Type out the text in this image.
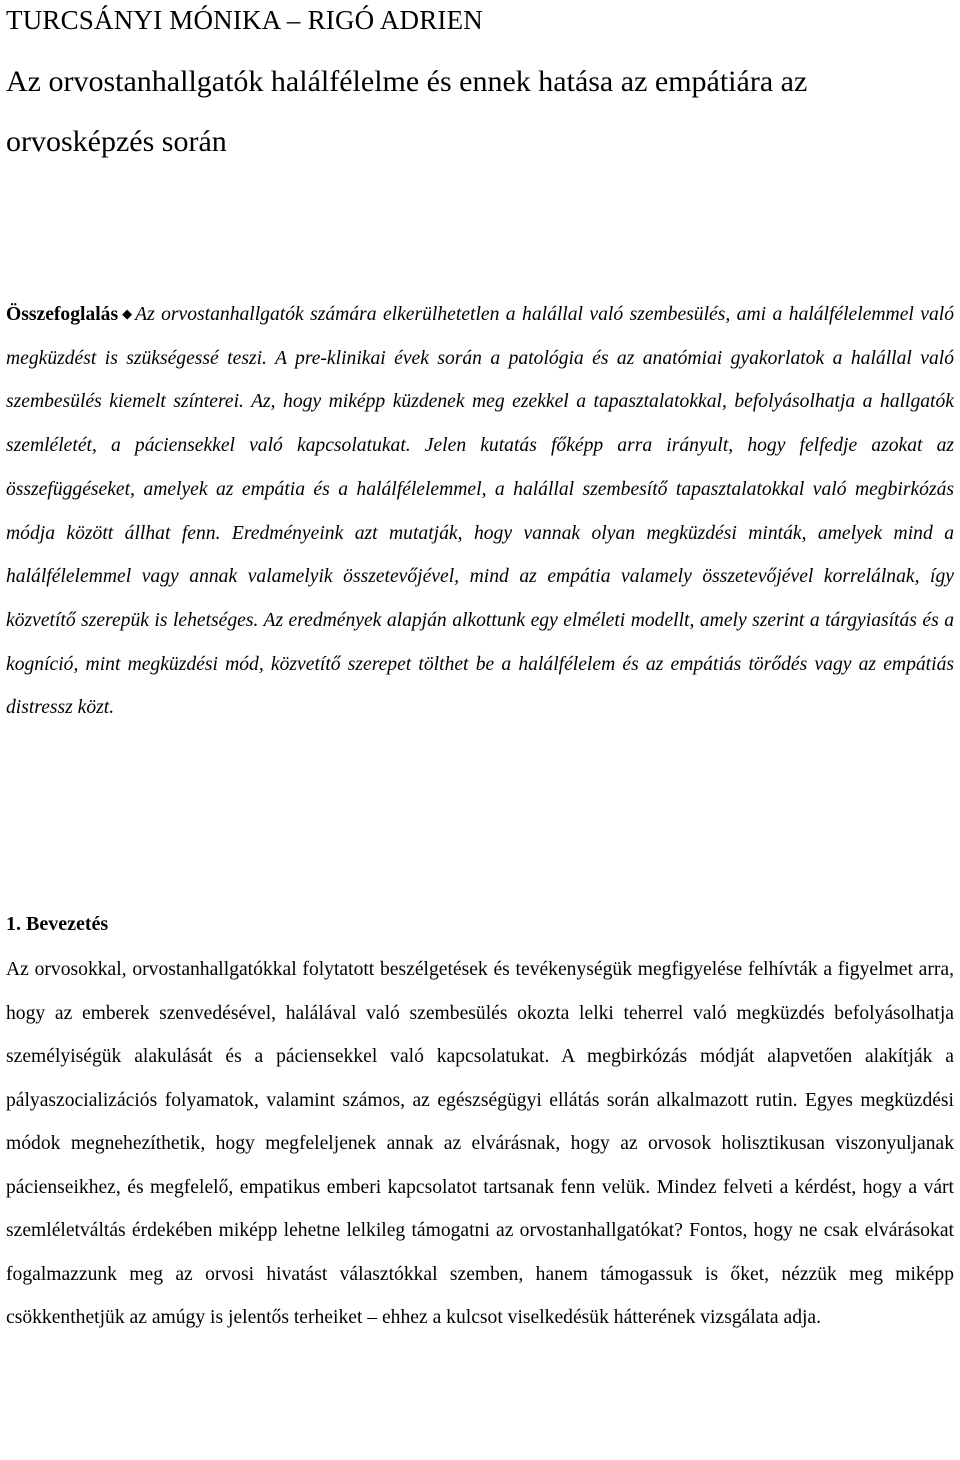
TURCSÁNYI MÓNIKA – RIGÓ ADRIEN
Az orvostanhallgatók halálfélelme és ennek hatása az empátiára az orvosképzés során
Összefoglalás ◆ Az orvostanhallgatók számára elkerülhetetlen a halállal való szembesülés, ami a halálfélelemmel való megküzdést is szükségessé teszi. A pre-klinikai évek során a patológia és az anatómiai gyakorlatok a halállal való szembesülés kiemelt színterei. Az, hogy miképp küzdenek meg ezekkel a tapasztalatokkal, befolyásolhatja a hallgatók szemléletét, a páciensekkel való kapcsolatukat. Jelen kutatás főképp arra irányult, hogy felfedje azokat az összefüggéseket, amelyek az empátia és a halálfélelemmel, a halállal szembesítő tapasztalatokkal való megbirkózás módja között állhat fenn. Eredményeink azt mutatják, hogy vannak olyan megküzdési minták, amelyek mind a halálfélelemmel vagy annak valamelyik összetevőjével, mind az empátia valamely összetevőjével korrelálnak, így közvetítő szerepük is lehetséges. Az eredmények alapján alkottunk egy elméleti modellt, amely szerint a tárgyiasítás és a kogníció, mint megküzdési mód, közvetítő szerepet tölthet be a halálfélelem és az empátiás törődés vagy az empátiás distressz közt.
1. Bevezetés
Az orvosokkal, orvostanhallgatókkal folytatott beszélgetések és tevékenységük megfigyelése felhívták a figyelmet arra, hogy az emberek szenvedésével, halálával való szembesülés okozta lelki teherrel való megküzdés befolyásolhatja személyiségük alakulását és a páciensekkel való kapcsolatukat. A megbirkózás módját alapvetően alakítják a pályaszocializációs folyamatok, valamint számos, az egészségügyi ellátás során alkalmazott rutin. Egyes megküzdési módok megnehezíthetik, hogy megfeleljenek annak az elvárásnak, hogy az orvosok holisztikusan viszonyuljanak pácienseikhez, és megfelelő, empatikus emberi kapcsolatot tartsanak fenn velük. Mindez felveti a kérdést, hogy a várt szemléletváltás érdekében miképp lehetne lelkileg támogatni az orvostanhallgatókat? Fontos, hogy ne csak elvárásokat fogalmazzunk meg az orvosi hivatást választókkal szemben, hanem támogassuk is őket, nézzük meg miképp csökkenthetjük az amúgy is jelentős terheiket – ehhez a kulcsot viselkedésük hátterének vizsgálata adja.
